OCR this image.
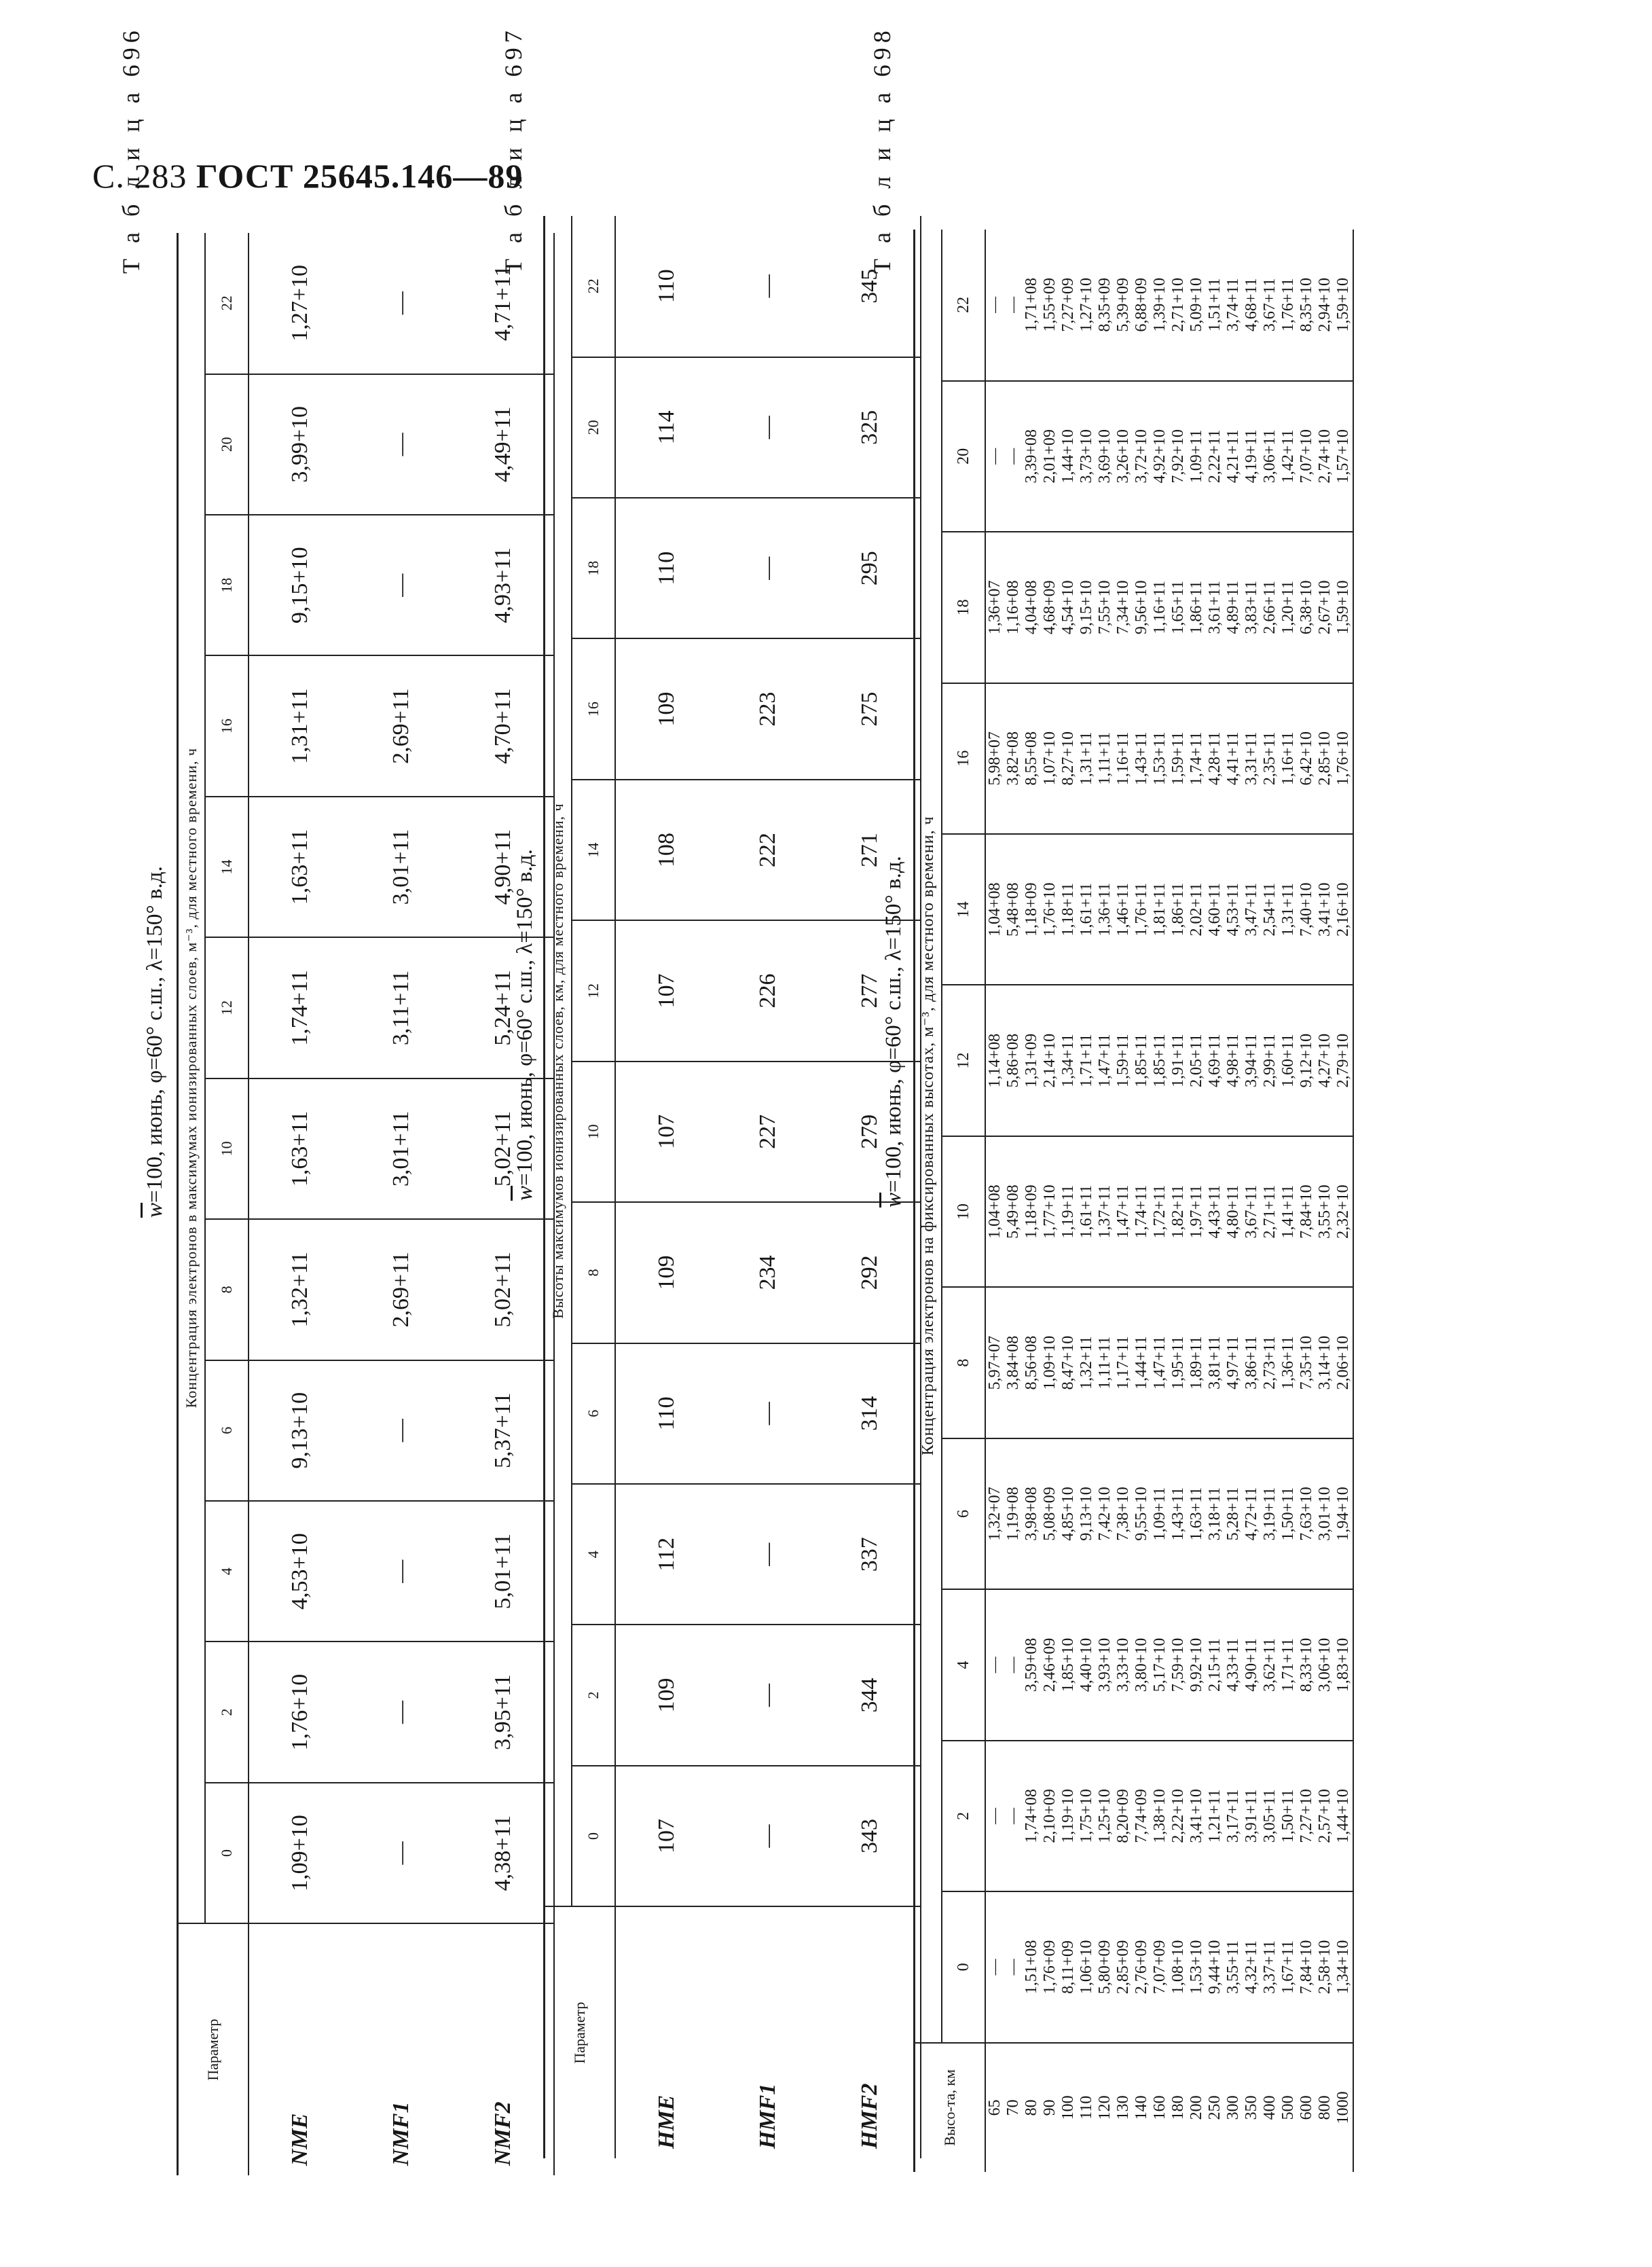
С. 283 ГОСТ 25645.146—89
Т а б л и ц а 696
$\overline{w}=100$, июнь, φ=60° с.ш., λ=150° в.д.
Параметр	Концентрация электронов в максимумах ионизированных слоев, м⁻³, для местного времени, ч											
	0	2	4	6	8	10	12	14	16	18	20	22
NME	1,09+10	1,76+10	4,53+10	9,13+10	1,32+11	1,63+11	1,74+11	1,63+11	1,31+11	9,15+10	3,99+10	1,27+10
NMF1	—	—	—	—	2,69+11	3,01+11	3,11+11	3,01+11	2,69+11	—	—	—
NMF2	4,38+11	3,95+11	5,01+11	5,37+11	5,02+11	5,02+11	5,24+11	4,90+11	4,70+11	4,93+11	4,49+11	4,71+11
Т а б л и ц а 697
$\overline{w}=100$, июнь, φ=60° с.ш., λ=150° в.д.
Параметр	Высоты максимумов ионизированных слоев, км, для местного времени, ч											
	0	2	4	6	8	10	12	14	16	18	20	22
HME	107	109	112	110	109	107	107	108	109	110	114	110
HMF1	—	—	—	—	234	227	226	222	223	—	—	—
HMF2	343	344	337	314	292	279	277	271	275	295	325	345
Т а б л и ц а 698
$\overline{w}=100$, июнь, φ=60° с.ш., λ=150° в.д.
Высо-та, км	Концентрация электронов на фиксированных высотах, м⁻³, для местного времени, ч											
	0	2	4	6	8	10	12	14	16	18	20	22
65	—	—	—	1,32+07	5,97+07	1,04+08	1,14+08	1,04+08	5,98+07	1,36+07	—	—
70	—	—	—	1,19+08	3,84+08	5,49+08	5,86+08	5,48+08	3,82+08	1,16+08	—	—
80	1,51+08	1,74+08	3,59+08	3,98+08	8,56+08	1,18+09	1,31+09	1,18+09	8,55+08	4,04+08	3,39+08	1,71+08
90	1,76+09	2,10+09	2,46+09	5,08+09	1,09+10	1,77+10	2,14+10	1,76+10	1,07+10	4,68+09	2,01+09	1,55+09
100	8,11+09	1,19+10	1,85+10	4,85+10	8,47+10	1,19+11	1,34+11	1,18+11	8,27+10	4,54+10	1,44+10	7,27+09
110	1,06+10	1,75+10	4,40+10	9,13+10	1,32+11	1,61+11	1,71+11	1,61+11	1,31+11	9,15+10	3,73+10	1,27+10
120	5,80+09	1,25+10	3,93+10	7,42+10	1,11+11	1,37+11	1,47+11	1,36+11	1,11+11	7,55+10	3,69+10	8,35+09
130	2,85+09	8,20+09	3,33+10	7,38+10	1,17+11	1,47+11	1,59+11	1,46+11	1,16+11	7,34+10	3,26+10	5,39+09
140	2,76+09	7,74+09	3,80+10	9,55+10	1,44+11	1,74+11	1,85+11	1,76+11	1,43+11	9,56+10	3,72+10	6,88+09
160	7,07+09	1,38+10	5,17+10	1,09+11	1,47+11	1,72+11	1,85+11	1,81+11	1,53+11	1,16+11	4,92+10	1,39+10
180	1,08+10	2,22+10	7,59+10	1,43+11	1,95+11	1,82+11	1,91+11	1,86+11	1,59+11	1,65+11	7,92+10	2,71+10
200	1,53+10	3,41+10	9,92+10	1,63+11	1,89+11	1,97+11	2,05+11	2,02+11	1,74+11	1,86+11	1,09+11	5,09+10
250	9,44+10	1,21+11	2,15+11	3,18+11	3,81+11	4,43+11	4,69+11	4,60+11	4,28+11	3,61+11	2,22+11	1,51+11
300	3,55+11	3,17+11	4,33+11	5,28+11	4,97+11	4,80+11	4,98+11	4,53+11	4,41+11	4,89+11	4,21+11	3,74+11
350	4,32+11	3,91+11	4,90+11	4,72+11	3,86+11	3,67+11	3,94+11	3,47+11	3,31+11	3,83+11	4,19+11	4,68+11
400	3,37+11	3,05+11	3,62+11	3,19+11	2,73+11	2,71+11	2,99+11	2,54+11	2,35+11	2,66+11	3,06+11	3,67+11
500	1,67+11	1,50+11	1,71+11	1,50+11	1,36+11	1,41+11	1,60+11	1,31+11	1,16+11	1,20+11	1,42+11	1,76+11
600	7,84+10	7,27+10	8,33+10	7,63+10	7,35+10	7,84+10	9,12+10	7,40+10	6,42+10	6,38+10	7,07+10	8,35+10
800	2,58+10	2,57+10	3,06+10	3,01+10	3,14+10	3,55+10	4,27+10	3,41+10	2,85+10	2,67+10	2,74+10	2,94+10
1000	1,34+10	1,44+10	1,83+10	1,94+10	2,06+10	2,32+10	2,79+10	2,16+10	1,76+10	1,59+10	1,57+10	1,59+10
